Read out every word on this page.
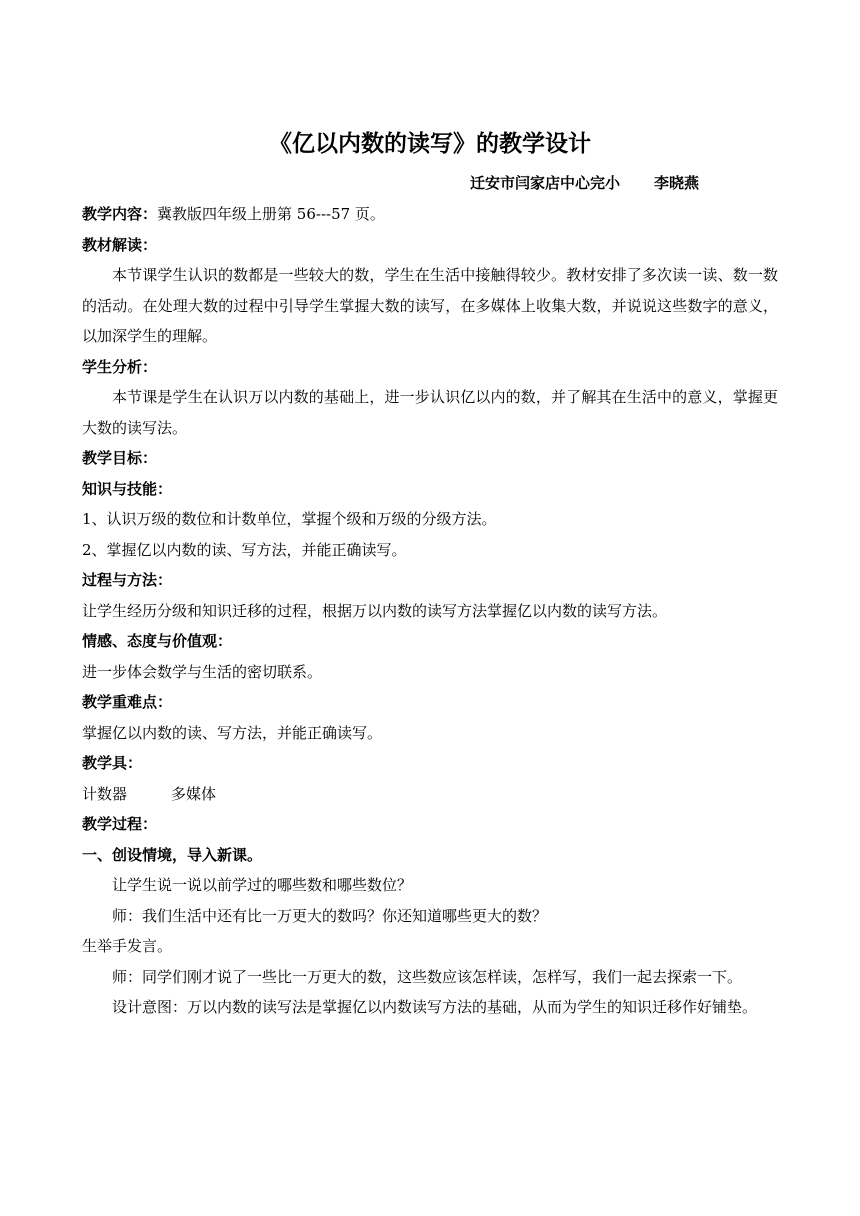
《亿以内数的读写》的教学设计
迁安市闫家店中心完小 李晓燕
教学内容：冀教版四年级上册第 56---57 页。
教材解读：

本节课学生认识的数都是一些较大的数，学生在生活中接触得较少。教材安排了多次读一读、数一数的活动。在处理大数的过程中引导学生掌握大数的读写，在多媒体上收集大数，并说说这些数字的意义，以加深学生的理解。

学生分析：

本节课是学生在认识万以内数的基础上，进一步认识亿以内的数，并了解其在生活中的意义，掌握更大数的读写法。

教学目标：
知识与技能：
1、认识万级的数位和计数单位，掌握个级和万级的分级方法。
2、掌握亿以内数的读、写方法，并能正确读写。
过程与方法：
让学生经历分级和知识迁移的过程，根据万以内数的读写方法掌握亿以内数的读写方法。
情感、态度与价值观：
进一步体会数学与生活的密切联系。
教学重难点：
掌握亿以内数的读、写方法，并能正确读写。
教学具：
计数器	多媒体
教学过程：
一、创设情境，导入新课。

让学生说一说以前学过的哪些数和哪些数位？

师：我们生活中还有比一万更大的数吗？你还知道哪些更大的数？

生举手发言。

师：同学们刚才说了一些比一万更大的数，这些数应该怎样读，怎样写，我们一起去探索一下。

设计意图：万以内数的读写法是掌握亿以内数读写方法的基础，从而为学生的知识迁移作好铺垫。
